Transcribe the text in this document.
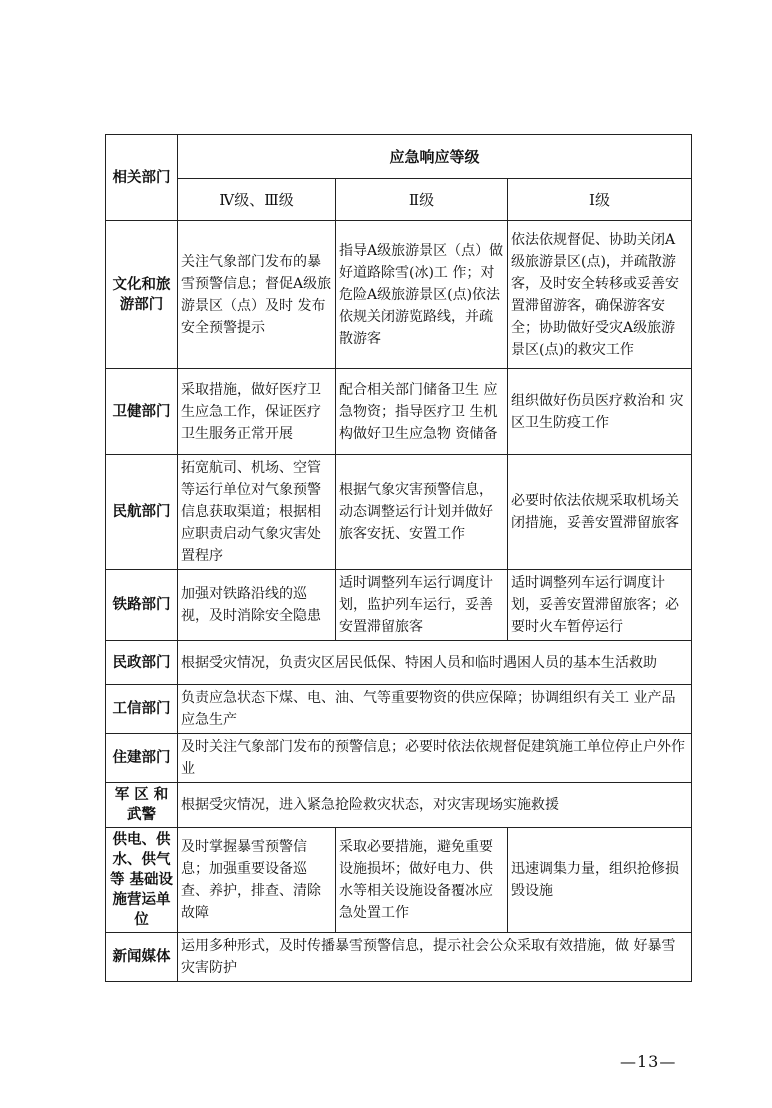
相关部门	应急响应等级		
	Ⅳ级、Ⅲ级	Ⅱ级	Ⅰ级
文化和旅游部门	关注气象部门发布的暴雪预警信息；督促A级旅游景区（点）及时 发布安全预警提示	指导A级旅游景区（点）做好道路除雪(冰)工 作；对危险A级旅游景区(点)依法依规关闭游览路线，并疏散游客	依法依规督促、协助关闭A级旅游景区(点)，并疏散游客，及时安全转移或妥善安置滞留游客，确保游客安全；协助做好受灾A级旅游景区(点)的救灾工作
卫健部门	采取措施，做好医疗卫生应急工作，保证医疗卫生服务正常开展	配合相关部门储备卫生 应急物资；指导医疗卫 生机构做好卫生应急物 资储备	组织做好伤员医疗救治和 灾区卫生防疫工作
民航部门	拓宽航司、机场、空管等运行单位对气象预警信息获取渠道；根据相应职责启动气象灾害处置程序	根据气象灾害预警信息，动态调整运行计划并做好旅客安抚、安置工作	必要时依法依规采取机场关闭措施，妥善安置滞留旅客
铁路部门	加强对铁路沿线的巡视，及时消除安全隐患	适时调整列车运行调度计划，监护列车运行，妥善安置滞留旅客	适时调整列车运行调度计划，妥善安置滞留旅客；必要时火车暂停运行
民政部门	根据受灾情况，负责灾区居民低保、特困人员和临时遇困人员的基本生活救助		
工信部门	负责应急状态下煤、电、油、气等重要物资的供应保障；协调组织有关工 业产品应急生产		
住建部门	及时关注气象部门发布的预警信息；必要时依法依规督促建筑施工单位停止户外作业		
军 区 和武警	根据受灾情况，进入紧急抢险救灾状态，对灾害现场实施救援		
供电、供水、供气等 基础设施营运单位	及时掌握暴雪预警信息；加强重要设备巡查、养护，排查、清除 故障	采取必要措施，避免重要设施损坏；做好电力、供水等相关设施设备覆冰应急处置工作	迅速调集力量，组织抢修损毁设施
新闻媒体	运用多种形式，及时传播暴雪预警信息，提示社会公众采取有效措施，做 好暴雪灾害防护		
—13—
